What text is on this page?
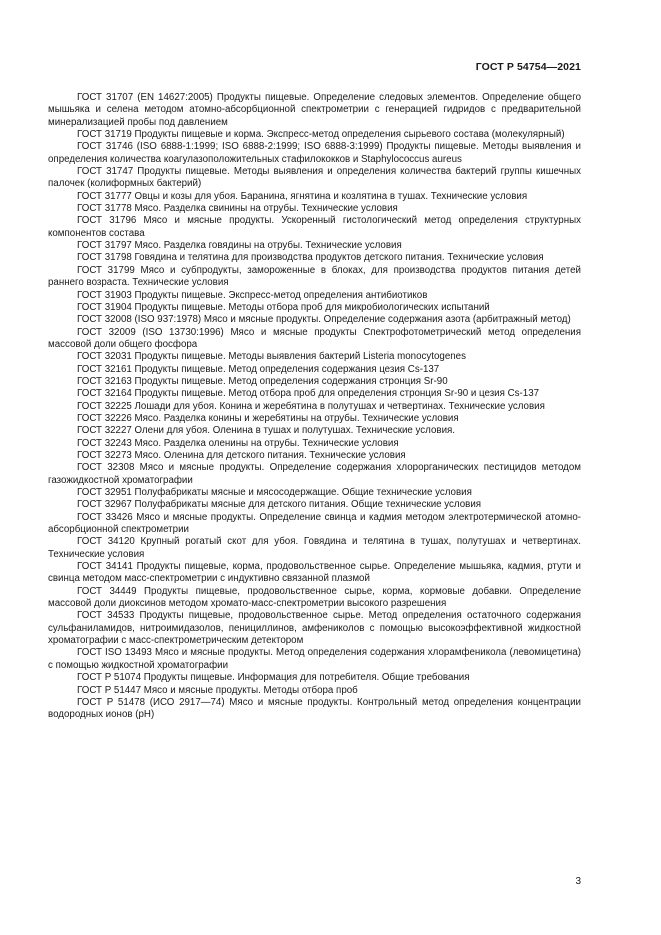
ГОСТ Р 54754—2021

ГОСТ 31707 (EN 14627:2005) Продукты пищевые. Определение следовых элементов. Определение общего мышьяка и селена методом атомно-абсорбционной спектрометрии с генерацией гидридов с предварительной минерализацией пробы под давлением

ГОСТ 31719 Продукты пищевые и корма. Экспресс-метод определения сырьевого состава (молекулярный)

ГОСТ 31746 (ISO 6888-1:1999; ISO 6888-2:1999; ISO 6888-3:1999) Продукты пищевые. Методы выявления и определения количества коагулазоположительных стафилококков и Staphylococcus aureus

ГОСТ 31747 Продукты пищевые. Методы выявления и определения количества бактерий группы кишечных палочек (колиформных бактерий)

ГОСТ 31777 Овцы и козы для убоя. Баранина, ягнятина и козлятина в тушах. Технические условия

ГОСТ 31778 Мясо. Разделка свинины на отрубы. Технические условия

ГОСТ 31796 Мясо и мясные продукты. Ускоренный гистологический метод определения структурных компонентов состава

ГОСТ 31797 Мясо. Разделка говядины на отрубы. Технические условия

ГОСТ 31798 Говядина и телятина для производства продуктов детского питания. Технические условия

ГОСТ 31799 Мясо и субпродукты, замороженные в блоках, для производства продуктов питания детей раннего возраста. Технические условия

ГОСТ 31903 Продукты пищевые. Экспресс-метод определения антибиотиков

ГОСТ 31904 Продукты пищевые. Методы отбора проб для микробиологических испытаний

ГОСТ 32008 (ISO 937:1978) Мясо и мясные продукты. Определение содержания азота (арбитражный метод)

ГОСТ 32009 (ISO 13730:1996) Мясо и мясные продукты Спектрофотометрический метод определения массовой доли общего фосфора

ГОСТ 32031 Продукты пищевые. Методы выявления бактерий Listeria monocytogenes

ГОСТ 32161 Продукты пищевые. Метод определения содержания цезия Cs-137

ГОСТ 32163 Продукты пищевые. Метод определения содержания стронция Sr-90

ГОСТ 32164 Продукты пищевые. Метод отбора проб для определения стронция Sr-90 и цезия Cs-137

ГОСТ 32225 Лошади для убоя. Конина и жеребятина в полутушах и четвертинах. Технические условия

ГОСТ 32226 Мясо. Разделка конины и жеребятины на отрубы. Технические условия

ГОСТ 32227 Олени для убоя. Оленина в тушах и полутушах. Технические условия.

ГОСТ 32243 Мясо. Разделка оленины на отрубы. Технические условия

ГОСТ 32273 Мясо. Оленина для детского питания. Технические условия

ГОСТ 32308 Мясо и мясные продукты. Определение содержания хлорорганических пестицидов методом газожидкостной хроматографии

ГОСТ 32951 Полуфабрикаты мясные и мясосодержащие. Общие технические условия

ГОСТ 32967 Полуфабрикаты мясные для детского питания. Общие технические условия

ГОСТ 33426 Мясо и мясные продукты. Определение свинца и кадмия методом электротермической атомно-абсорбционной спектрометрии

ГОСТ 34120 Крупный рогатый скот для убоя. Говядина и телятина в тушах, полутушах и четвертинах. Технические условия

ГОСТ 34141 Продукты пищевые, корма, продовольственное сырье. Определение мышьяка, кадмия, ртути и свинца методом масс-спектрометрии с индуктивно связанной плазмой

ГОСТ 34449 Продукты пищевые, продовольственное сырье, корма, кормовые добавки. Определение массовой доли диоксинов методом хромато-масс-спектрометрии высокого разрешения

ГОСТ 34533 Продукты пищевые, продовольственное сырье. Метод определения остаточного содержания сульфаниламидов, нитроимидазолов, пенициллинов, амфениколов с помощью высокоэффективной жидкостной хроматографии с масс-спектрометрическим детектором

ГОСТ ISO 13493 Мясо и мясные продукты. Метод определения содержания хлорамфеникола (левомицетина) с помощью жидкостной хроматографии

ГОСТ Р 51074 Продукты пищевые. Информация для потребителя. Общие требования

ГОСТ Р 51447 Мясо и мясные продукты. Методы отбора проб

ГОСТ Р 51478 (ИСО 2917—74) Мясо и мясные продукты. Контрольный метод определения концентрации водородных ионов (pH)

3
